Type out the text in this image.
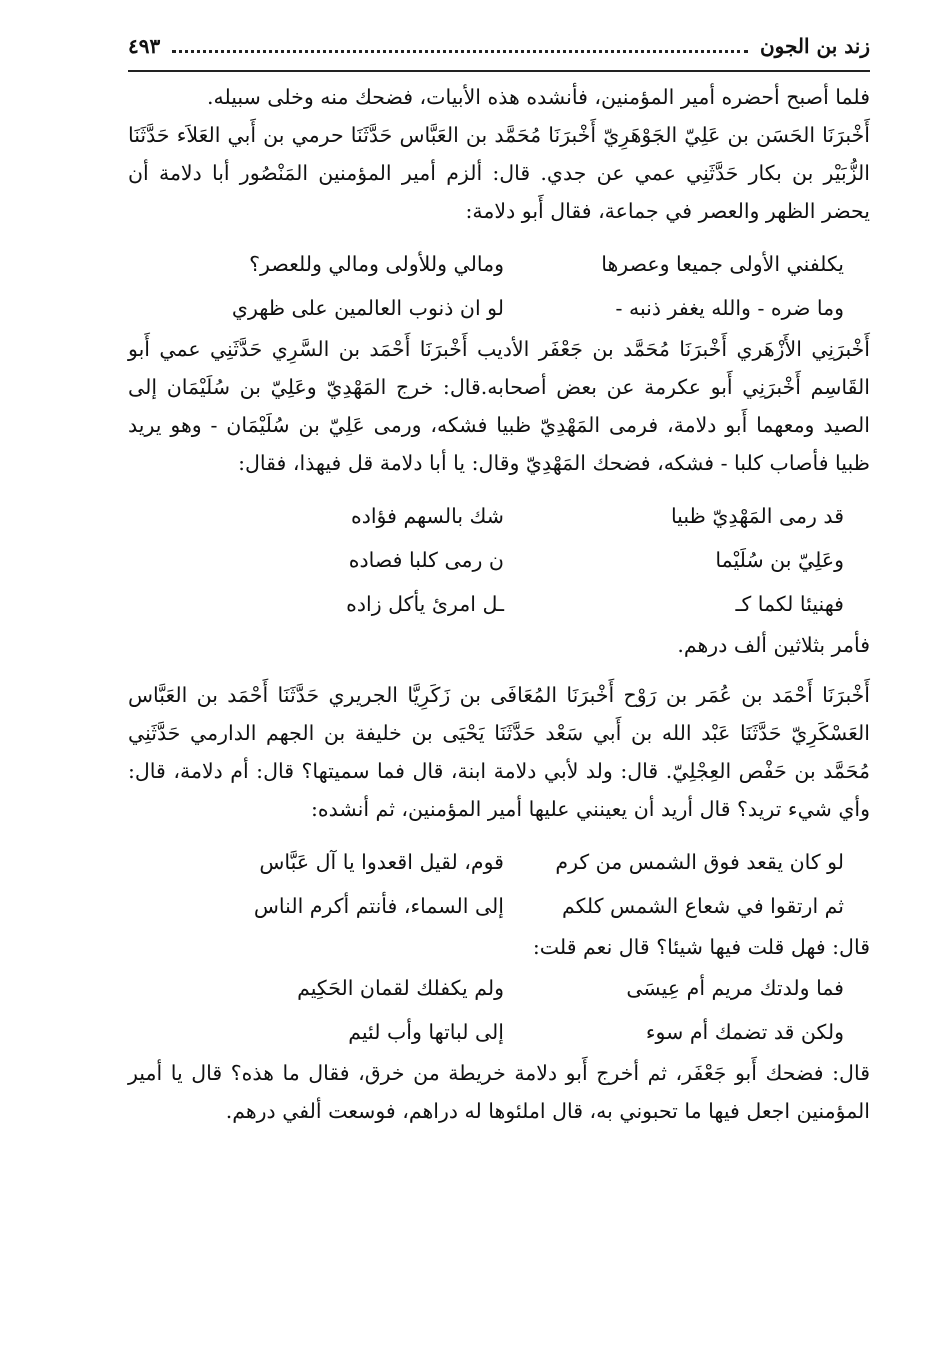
زند بن الجون
٤٩٣

فلما أصبح أحضره أمير المؤمنين، فأنشده هذه الأبيات، فضحك منه وخلى سبيله.

أَخْبرَنَا الحَسَن بن عَلِيّ الجَوْهَرِيّ أَخْبرَنَا مُحَمَّد بن العَبَّاس حَدَّثَنَا حرمي بن أَبي العَلاَء حَدَّثَنَا الزُّبَيْر بن بكار حَدَّثَنِي عمي عن جدي. قال: ألزم أمير المؤمنين المَنْصُور أبا دلامة أن يحضر الظهر والعصر في جماعة، فقال أَبو دلامة:

يكلفني الأولى جميعا وعصرها
ومالي وللأولى ومالي وللعصر؟
وما ضره - والله يغفر ذنبه -
لو ان ذنوب العالمين على ظهري

أَخْبرَنِي الأَزْهَري أَخْبرَنَا مُحَمَّد بن جَعْفَر الأديب أَخْبرَنَا أَحْمَد بن السَّرِي حَدَّثَنِي عمي أَبو القَاسِم أَخْبرَنِي أَبو عكرمة عن بعض أصحابه.قال: خرج المَهْدِيّ وعَلِيّ بن سُلَيْمَان إلى الصيد ومعهما أَبو دلامة، فرمى المَهْدِيّ ظبيا فشكه، ورمى عَلِيّ بن سُلَيْمَان - وهو يريد ظبيا فأصاب كلبا - فشكه، فضحك المَهْدِيّ وقال: يا أبا دلامة قل فيهذا، فقال:

قد رمى المَهْدِيّ ظبيا
شك بالسهم فؤاده
وعَلِيّ بن سُلَيْما
ن رمى كلبا فصاده
فهنيئا لكما كـ
ـل امرئ يأكل زاده

فأمر بثلاثين ألف درهم.

أَخْبرَنَا أَحْمَد بن عُمَر بن رَوْح أَخْبرَنَا المُعَافَى بن زَكَرِيَّا الجريري حَدَّثَنَا أَحْمَد بن العَبَّاس العَسْكَرِيّ حَدَّثَنَا عَبْد الله بن أَبي سَعْد حَدَّثَنَا يَحْيَى بن خليفة بن الجهم الدارمي حَدَّثَنِي مُحَمَّد بن حَفْص العِجْلِيّ. قال: ولد لأبي دلامة ابنة، قال فما سميتها؟ قال: أم دلامة، قال: وأي شيء تريد؟ قال أريد أن يعينني عليها أمير المؤمنين، ثم أنشده:

لو كان يقعد فوق الشمس من كرم
قوم، لقيل اقعدوا يا آل عَبَّاس
ثم ارتقوا في شعاع الشمس كلكم
إلى السماء، فأنتم أكرم الناس

قال: فهل قلت فيها شيئا؟ قال نعم قلت:

فما ولدتك مريم أم عِيسَى
ولم يكفلك لقمان الحَكِيم
ولكن قد تضمك أم سوء
إلى لباتها وأب لئيم

قال: فضحك أَبو جَعْفَر، ثم أخرج أَبو دلامة خريطة من خرق، فقال ما هذه؟ قال يا أمير المؤمنين اجعل فيها ما تحبوني به، قال املئوها له دراهم، فوسعت ألفي درهم.
